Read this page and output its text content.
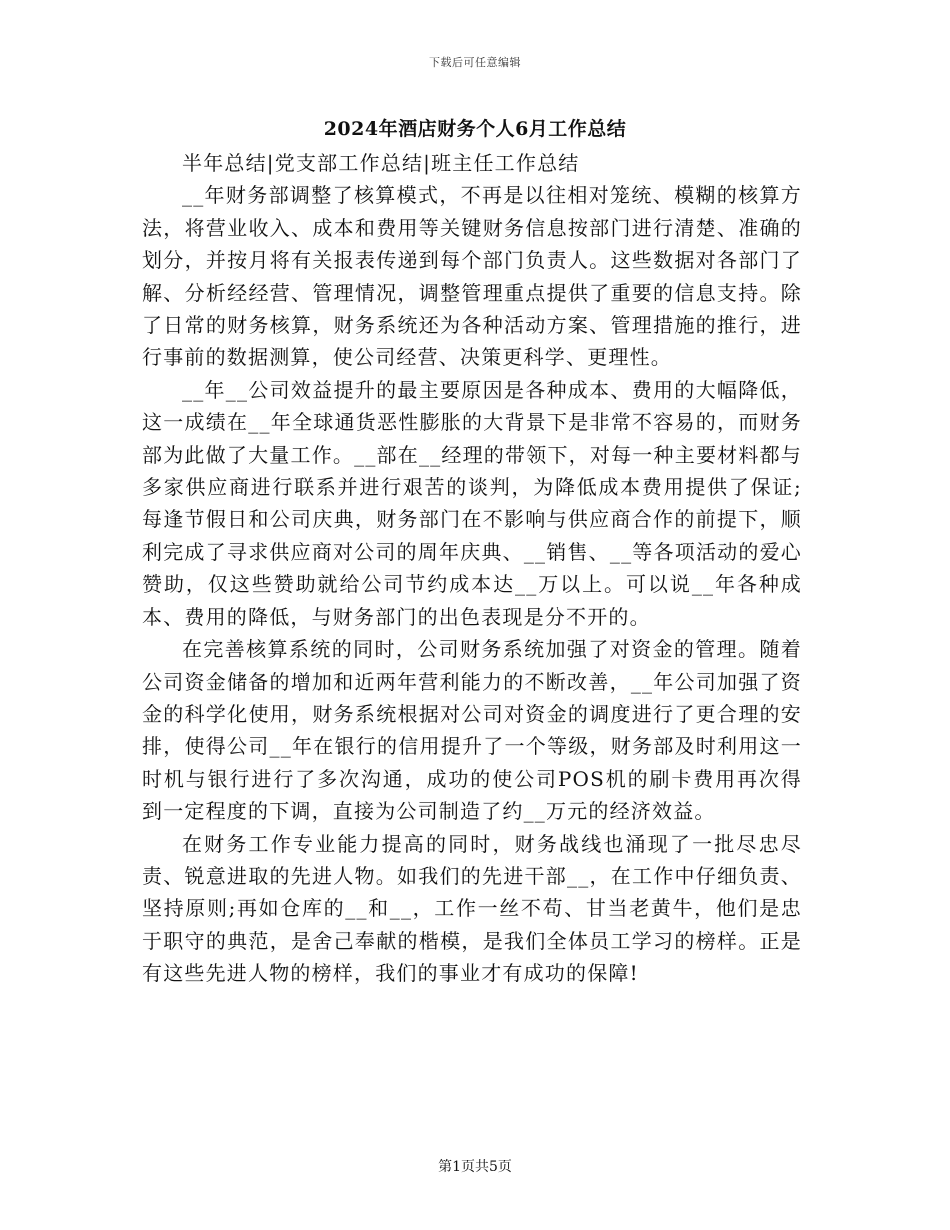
下载后可任意编辑
2024年酒店财务个人6月工作总结

半年总结|党支部工作总结|班主任工作总结

__年财务部调整了核算模式，不再是以往相对笼统、模糊的核算方法，将营业收入、成本和费用等关键财务信息按部门进行清楚、准确的划分，并按月将有关报表传递到每个部门负责人。这些数据对各部门了解、分析经经营、管理情况，调整管理重点提供了重要的信息支持。除了日常的财务核算，财务系统还为各种活动方案、管理措施的推行，进行事前的数据测算，使公司经营、决策更科学、更理性。

__年__公司效益提升的最主要原因是各种成本、费用的大幅降低，这一成绩在__年全球通货恶性膨胀的大背景下是非常不容易的，而财务部为此做了大量工作。__部在__经理的带领下，对每一种主要材料都与多家供应商进行联系并进行艰苦的谈判，为降低成本费用提供了保证;每逢节假日和公司庆典，财务部门在不影响与供应商合作的前提下，顺利完成了寻求供应商对公司的周年庆典、__销售、__等各项活动的爱心赞助，仅这些赞助就给公司节约成本达__万以上。可以说__年各种成本、费用的降低，与财务部门的出色表现是分不开的。

在完善核算系统的同时，公司财务系统加强了对资金的管理。随着公司资金储备的增加和近两年营利能力的不断改善，__年公司加强了资金的科学化使用，财务系统根据对公司对资金的调度进行了更合理的安排，使得公司__年在银行的信用提升了一个等级，财务部及时利用这一时机与银行进行了多次沟通，成功的使公司POS机的刷卡费用再次得到一定程度的下调，直接为公司制造了约__万元的经济效益。

在财务工作专业能力提高的同时，财务战线也涌现了一批尽忠尽责、锐意进取的先进人物。如我们的先进干部__，在工作中仔细负责、坚持原则;再如仓库的__和__，工作一丝不苟、甘当老黄牛，他们是忠于职守的典范，是舍己奉献的楷模，是我们全体员工学习的榜样。正是有这些先进人物的榜样，我们的事业才有成功的保障!

第1页共5页
